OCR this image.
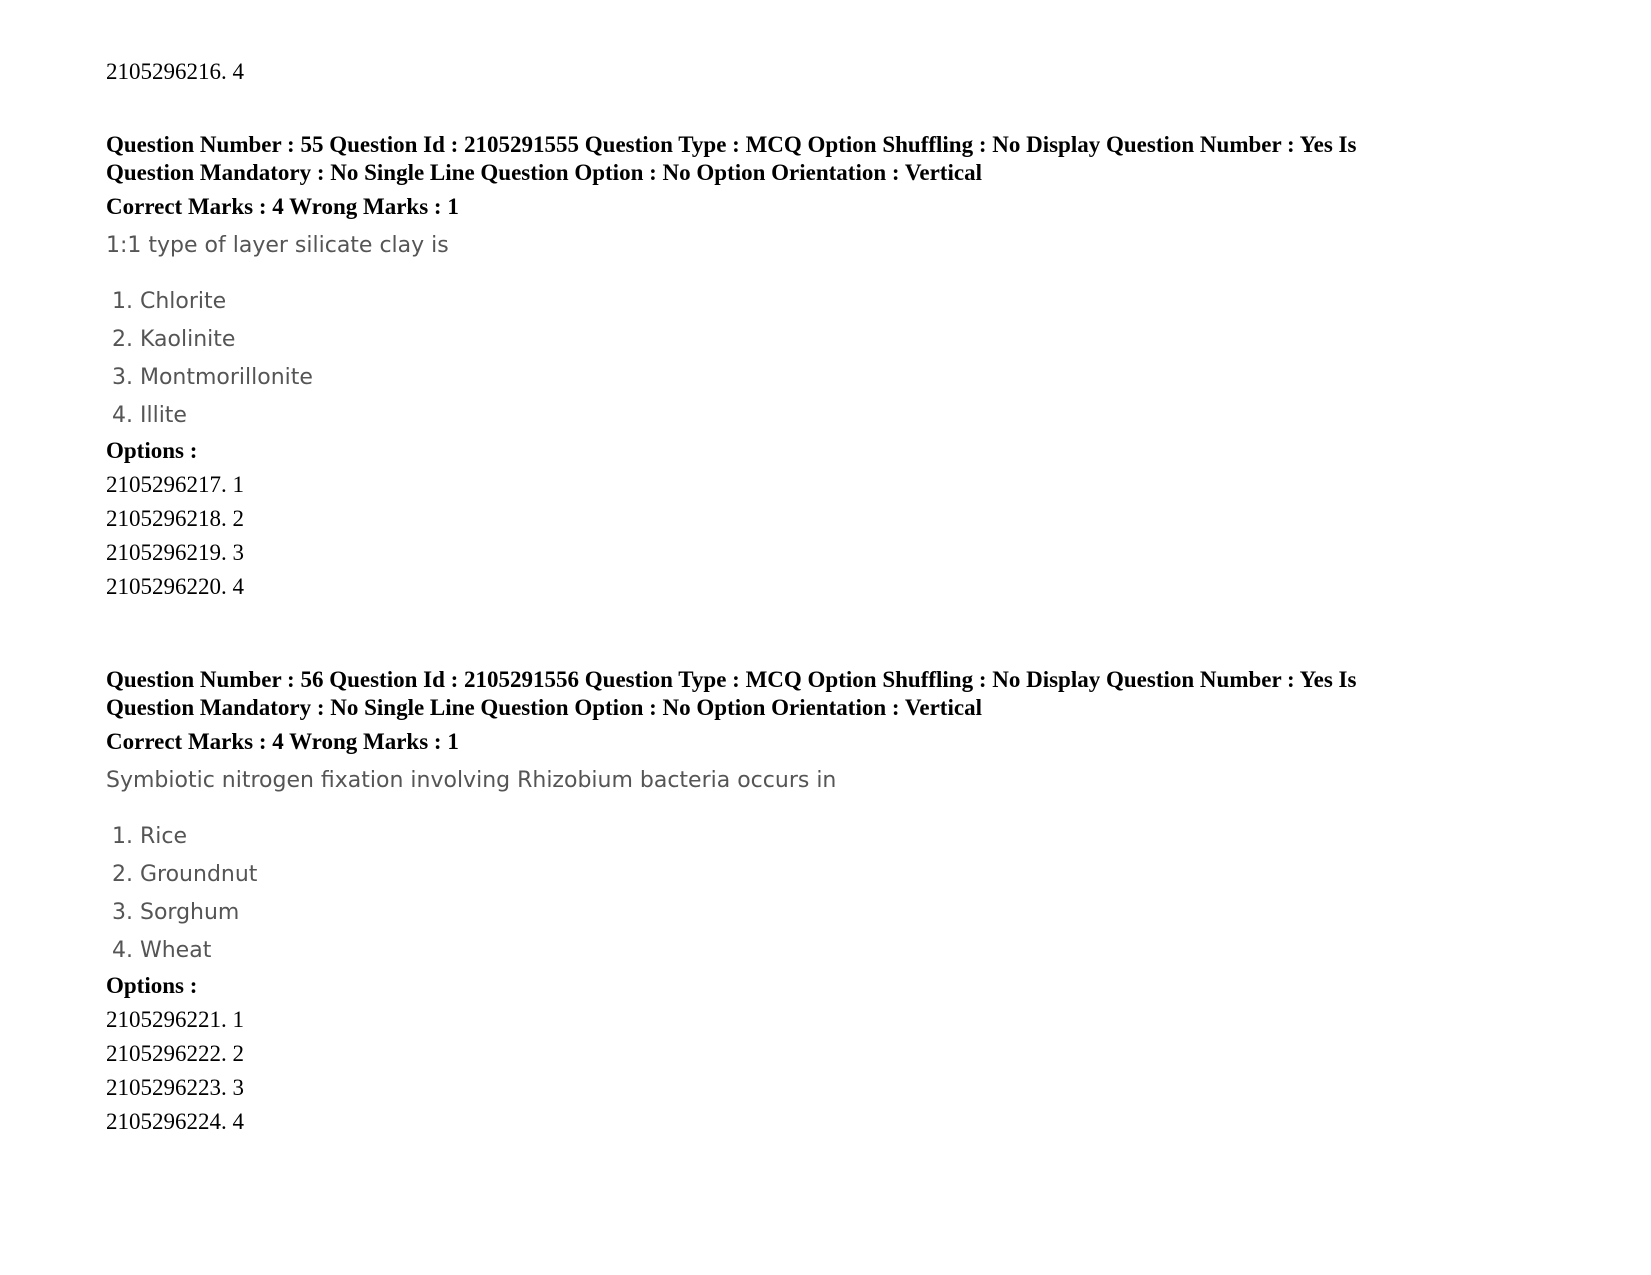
2105296216. 4
Question Number : 55 Question Id : 2105291555 Question Type : MCQ Option Shuffling : No Display Question Number : Yes Is
Question Mandatory : No Single Line Question Option : No Option Orientation : Vertical
Correct Marks : 4 Wrong Marks : 1
1:1 type of layer silicate clay is
1. Chlorite
2. Kaolinite
3. Montmorillonite
4. Illite
Options :
2105296217. 1
2105296218. 2
2105296219. 3
2105296220. 4
Question Number : 56 Question Id : 2105291556 Question Type : MCQ Option Shuffling : No Display Question Number : Yes Is
Question Mandatory : No Single Line Question Option : No Option Orientation : Vertical
Correct Marks : 4 Wrong Marks : 1
Symbiotic nitrogen fixation involving Rhizobium bacteria occurs in
1. Rice
2. Groundnut
3. Sorghum
4. Wheat
Options :
2105296221. 1
2105296222. 2
2105296223. 3
2105296224. 4
